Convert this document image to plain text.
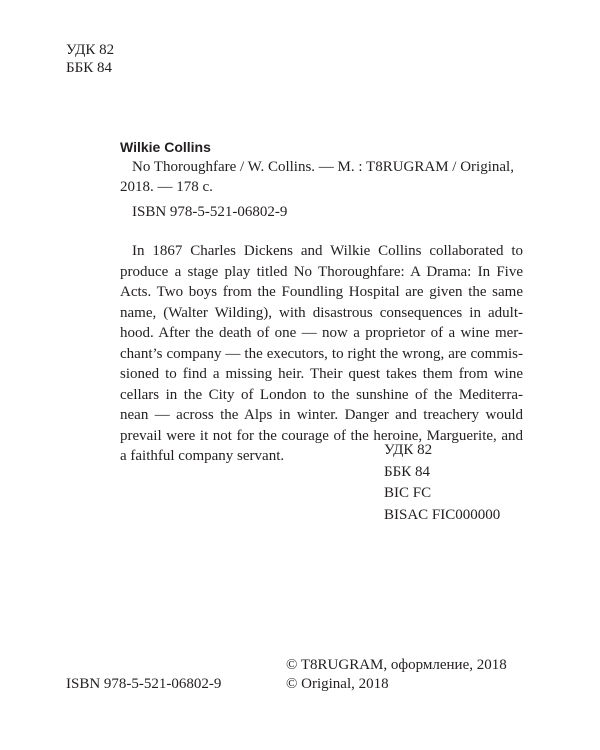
УДК 82
ББК 84
Wilkie Collins
No Thoroughfare / W. Collins. — M. : T8RUGRAM / Original,
2018. — 178 c.
ISBN 978-5-521-06802-9
In 1867 Charles Dickens and Wilkie Collins collaborated to
produce a stage play titled No Thoroughfare: A Drama: In Five
Acts. Two boys from the Foundling Hospital are given the same
name, (Walter Wilding), with disastrous consequences in adult-
hood. After the death of one — now a proprietor of a wine mer-
chant’s company — the executors, to right the wrong, are commis-
sioned to find a missing heir. Their quest takes them from wine
cellars in the City of London to the sunshine of the Mediterra-
nean — across the Alps in winter. Danger and treachery would
prevail were it not for the courage of the heroine, Marguerite, and
a faithful company servant.	УДК 82
ББК 84
BIC FC
BISAC FIC000000
ISBN 978-5-521-06802-9
© T8RUGRAM, оформление, 2018
© Original, 2018
